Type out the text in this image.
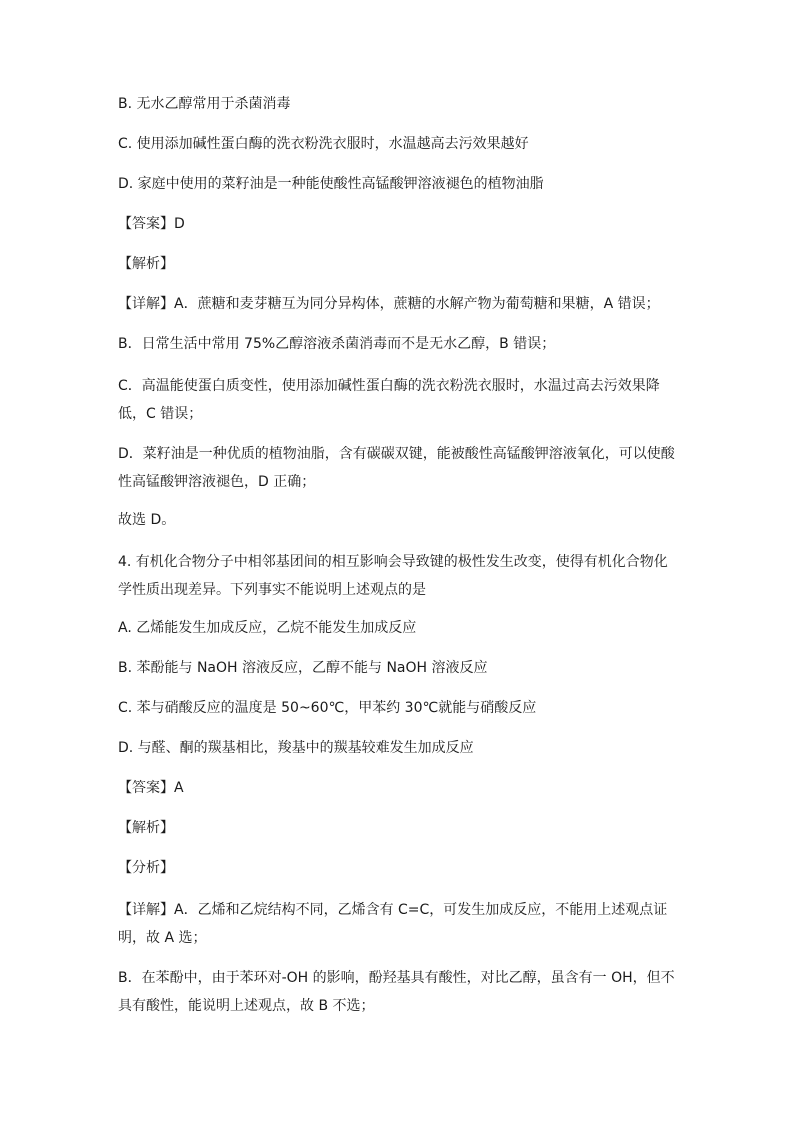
B. 无水乙醇常用于杀菌消毒
C. 使用添加碱性蛋白酶的洗衣粉洗衣服时，水温越高去污效果越好
D. 家庭中使用的菜籽油是一种能使酸性高锰酸钾溶液褪色的植物油脂
【答案】D
【解析】
【详解】A．蔗糖和麦芽糖互为同分异构体，蔗糖的水解产物为葡萄糖和果糖，A 错误；
B．日常生活中常用 75%乙醇溶液杀菌消毒而不是无水乙醇，B 错误；
C．高温能使蛋白质变性，使用添加碱性蛋白酶的洗衣粉洗衣服时，水温过高去污效果降低，C 错误；
D．菜籽油是一种优质的植物油脂，含有碳碳双键，能被酸性高锰酸钾溶液氧化，可以使酸性高锰酸钾溶液褪色，D 正确；
故选 D。
4. 有机化合物分子中相邻基团间的相互影响会导致键的极性发生改变，使得有机化合物化学性质出现差异。下列事实不能说明上述观点的是
A. 乙烯能发生加成反应，乙烷不能发生加成反应
B. 苯酚能与 NaOH 溶液反应，乙醇不能与 NaOH 溶液反应
C. 苯与硝酸反应的温度是 50~60℃，甲苯约 30℃就能与硝酸反应
D. 与醛、酮的羰基相比，羧基中的羰基较难发生加成反应
【答案】A
【解析】
【分析】
【详解】A．乙烯和乙烷结构不同，乙烯含有 C=C，可发生加成反应，不能用上述观点证明，故 A 选；
B．在苯酚中，由于苯环对-OH 的影响，酚羟基具有酸性，对比乙醇，虽含有一 OH，但不具有酸性，能说明上述观点，故 B 不选；
